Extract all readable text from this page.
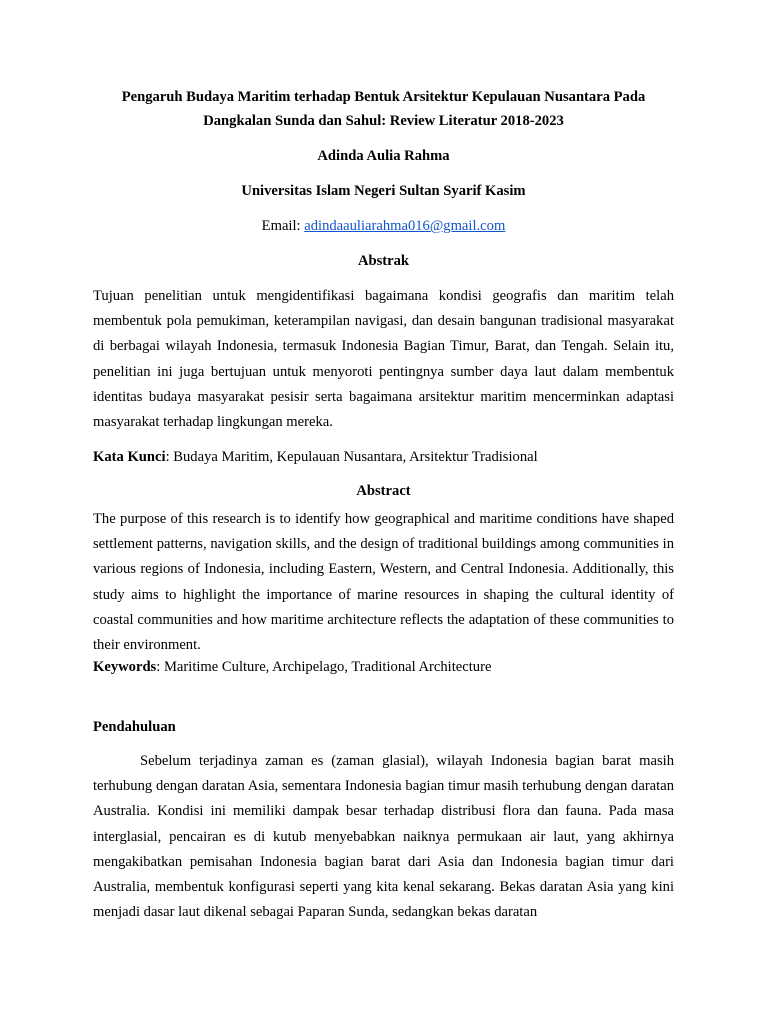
Pengaruh Budaya Maritim terhadap Bentuk Arsitektur Kepulauan Nusantara Pada Dangkalan Sunda dan Sahul: Review Literatur 2018-2023
Adinda Aulia Rahma
Universitas Islam Negeri Sultan Syarif Kasim
Email: adindaauliarahma016@gmail.com
Abstrak
Tujuan penelitian untuk mengidentifikasi bagaimana kondisi geografis dan maritim telah membentuk pola pemukiman, keterampilan navigasi, dan desain bangunan tradisional masyarakat di berbagai wilayah Indonesia, termasuk Indonesia Bagian Timur, Barat, dan Tengah. Selain itu, penelitian ini juga bertujuan untuk menyoroti pentingnya sumber daya laut dalam membentuk identitas budaya masyarakat pesisir serta bagaimana arsitektur maritim mencerminkan adaptasi masyarakat terhadap lingkungan mereka.
Kata Kunci: Budaya Maritim, Kepulauan Nusantara, Arsitektur Tradisional
Abstract
The purpose of this research is to identify how geographical and maritime conditions have shaped settlement patterns, navigation skills, and the design of traditional buildings among communities in various regions of Indonesia, including Eastern, Western, and Central Indonesia. Additionally, this study aims to highlight the importance of marine resources in shaping the cultural identity of coastal communities and how maritime architecture reflects the adaptation of these communities to their environment.
Keywords: Maritime Culture, Archipelago, Traditional Architecture
Pendahuluan
Sebelum terjadinya zaman es (zaman glasial), wilayah Indonesia bagian barat masih terhubung dengan daratan Asia, sementara Indonesia bagian timur masih terhubung dengan daratan Australia. Kondisi ini memiliki dampak besar terhadap distribusi flora dan fauna. Pada masa interglasial, pencairan es di kutub menyebabkan naiknya permukaan air laut, yang akhirnya mengakibatkan pemisahan Indonesia bagian barat dari Asia dan Indonesia bagian timur dari Australia, membentuk konfigurasi seperti yang kita kenal sekarang. Bekas daratan Asia yang kini menjadi dasar laut dikenal sebagai Paparan Sunda, sedangkan bekas daratan
